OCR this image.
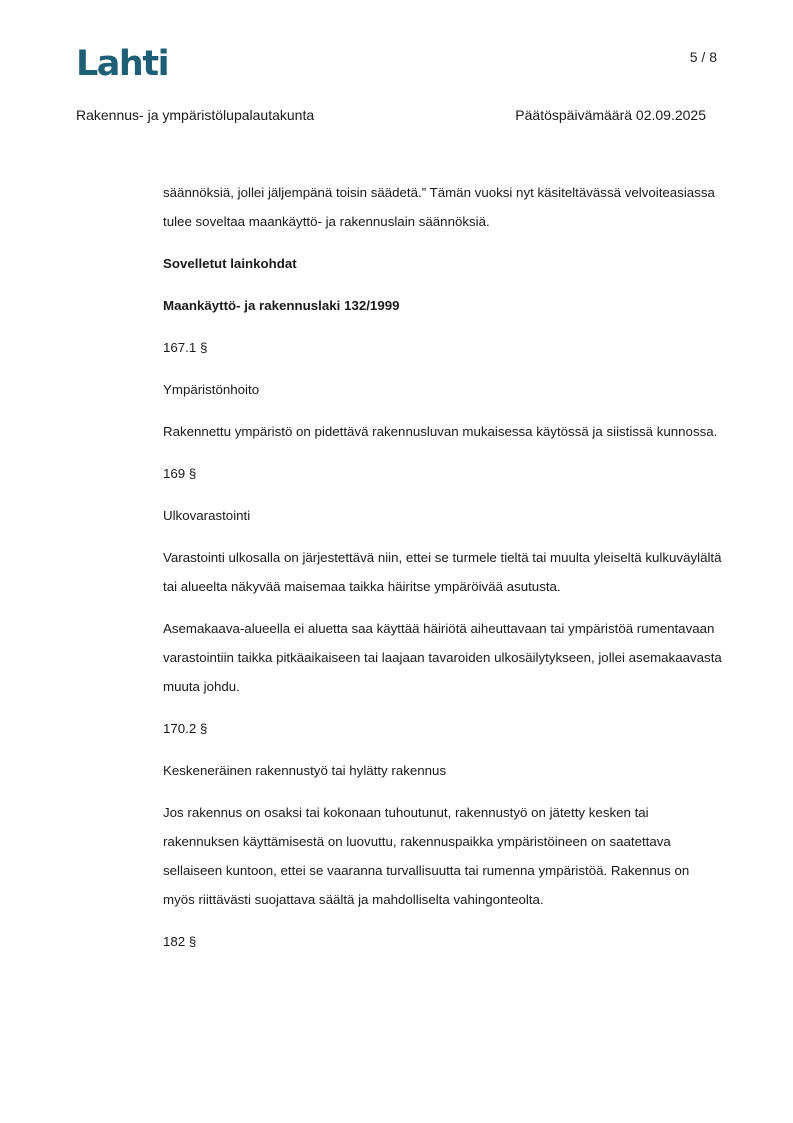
Lahti	5 / 8
Rakennus- ja ympäristölupalautakunta	Päätöspäivämäärä 02.09.2025

säännöksiä, jollei jäljempänä toisin säädetä.” Tämän vuoksi nyt käsiteltävässä velvoiteasiassa tulee soveltaa maankäyttö- ja rakennuslain säännöksiä.

Sovelletut lainkohdat

Maankäyttö- ja rakennuslaki 132/1999

167.1 §

Ympäristönhoito

Rakennettu ympäristö on pidettävä rakennusluvan mukaisessa käytössä ja siistissä kunnossa.

169 §

Ulkovarastointi

Varastointi ulkosalla on järjestettävä niin, ettei se turmele tieltä tai muulta yleiseltä kulkuväylältä tai alueelta näkyvää maisemaa taikka häiritse ympäröivää asutusta.

Asemakaava-alueella ei aluetta saa käyttää häiriötä aiheuttavaan tai ympäristöä rumentavaan varastointiin taikka pitkäaikaiseen tai laajaan tavaroiden ulkosäilytykseen, jollei asemakaavasta muuta johdu.

170.2 §

Keskeneräinen rakennustyö tai hylätty rakennus

Jos rakennus on osaksi tai kokonaan tuhoutunut, rakennustyö on jätetty kesken tai rakennuksen käyttämisestä on luovuttu, rakennuspaikka ympäristöineen on saatettava sellaiseen kuntoon, ettei se vaaranna turvallisuutta tai rumenna ympäristöä. Rakennus on myös riittävästi suojattava säältä ja mahdolliselta vahingonteolta.

182 §
